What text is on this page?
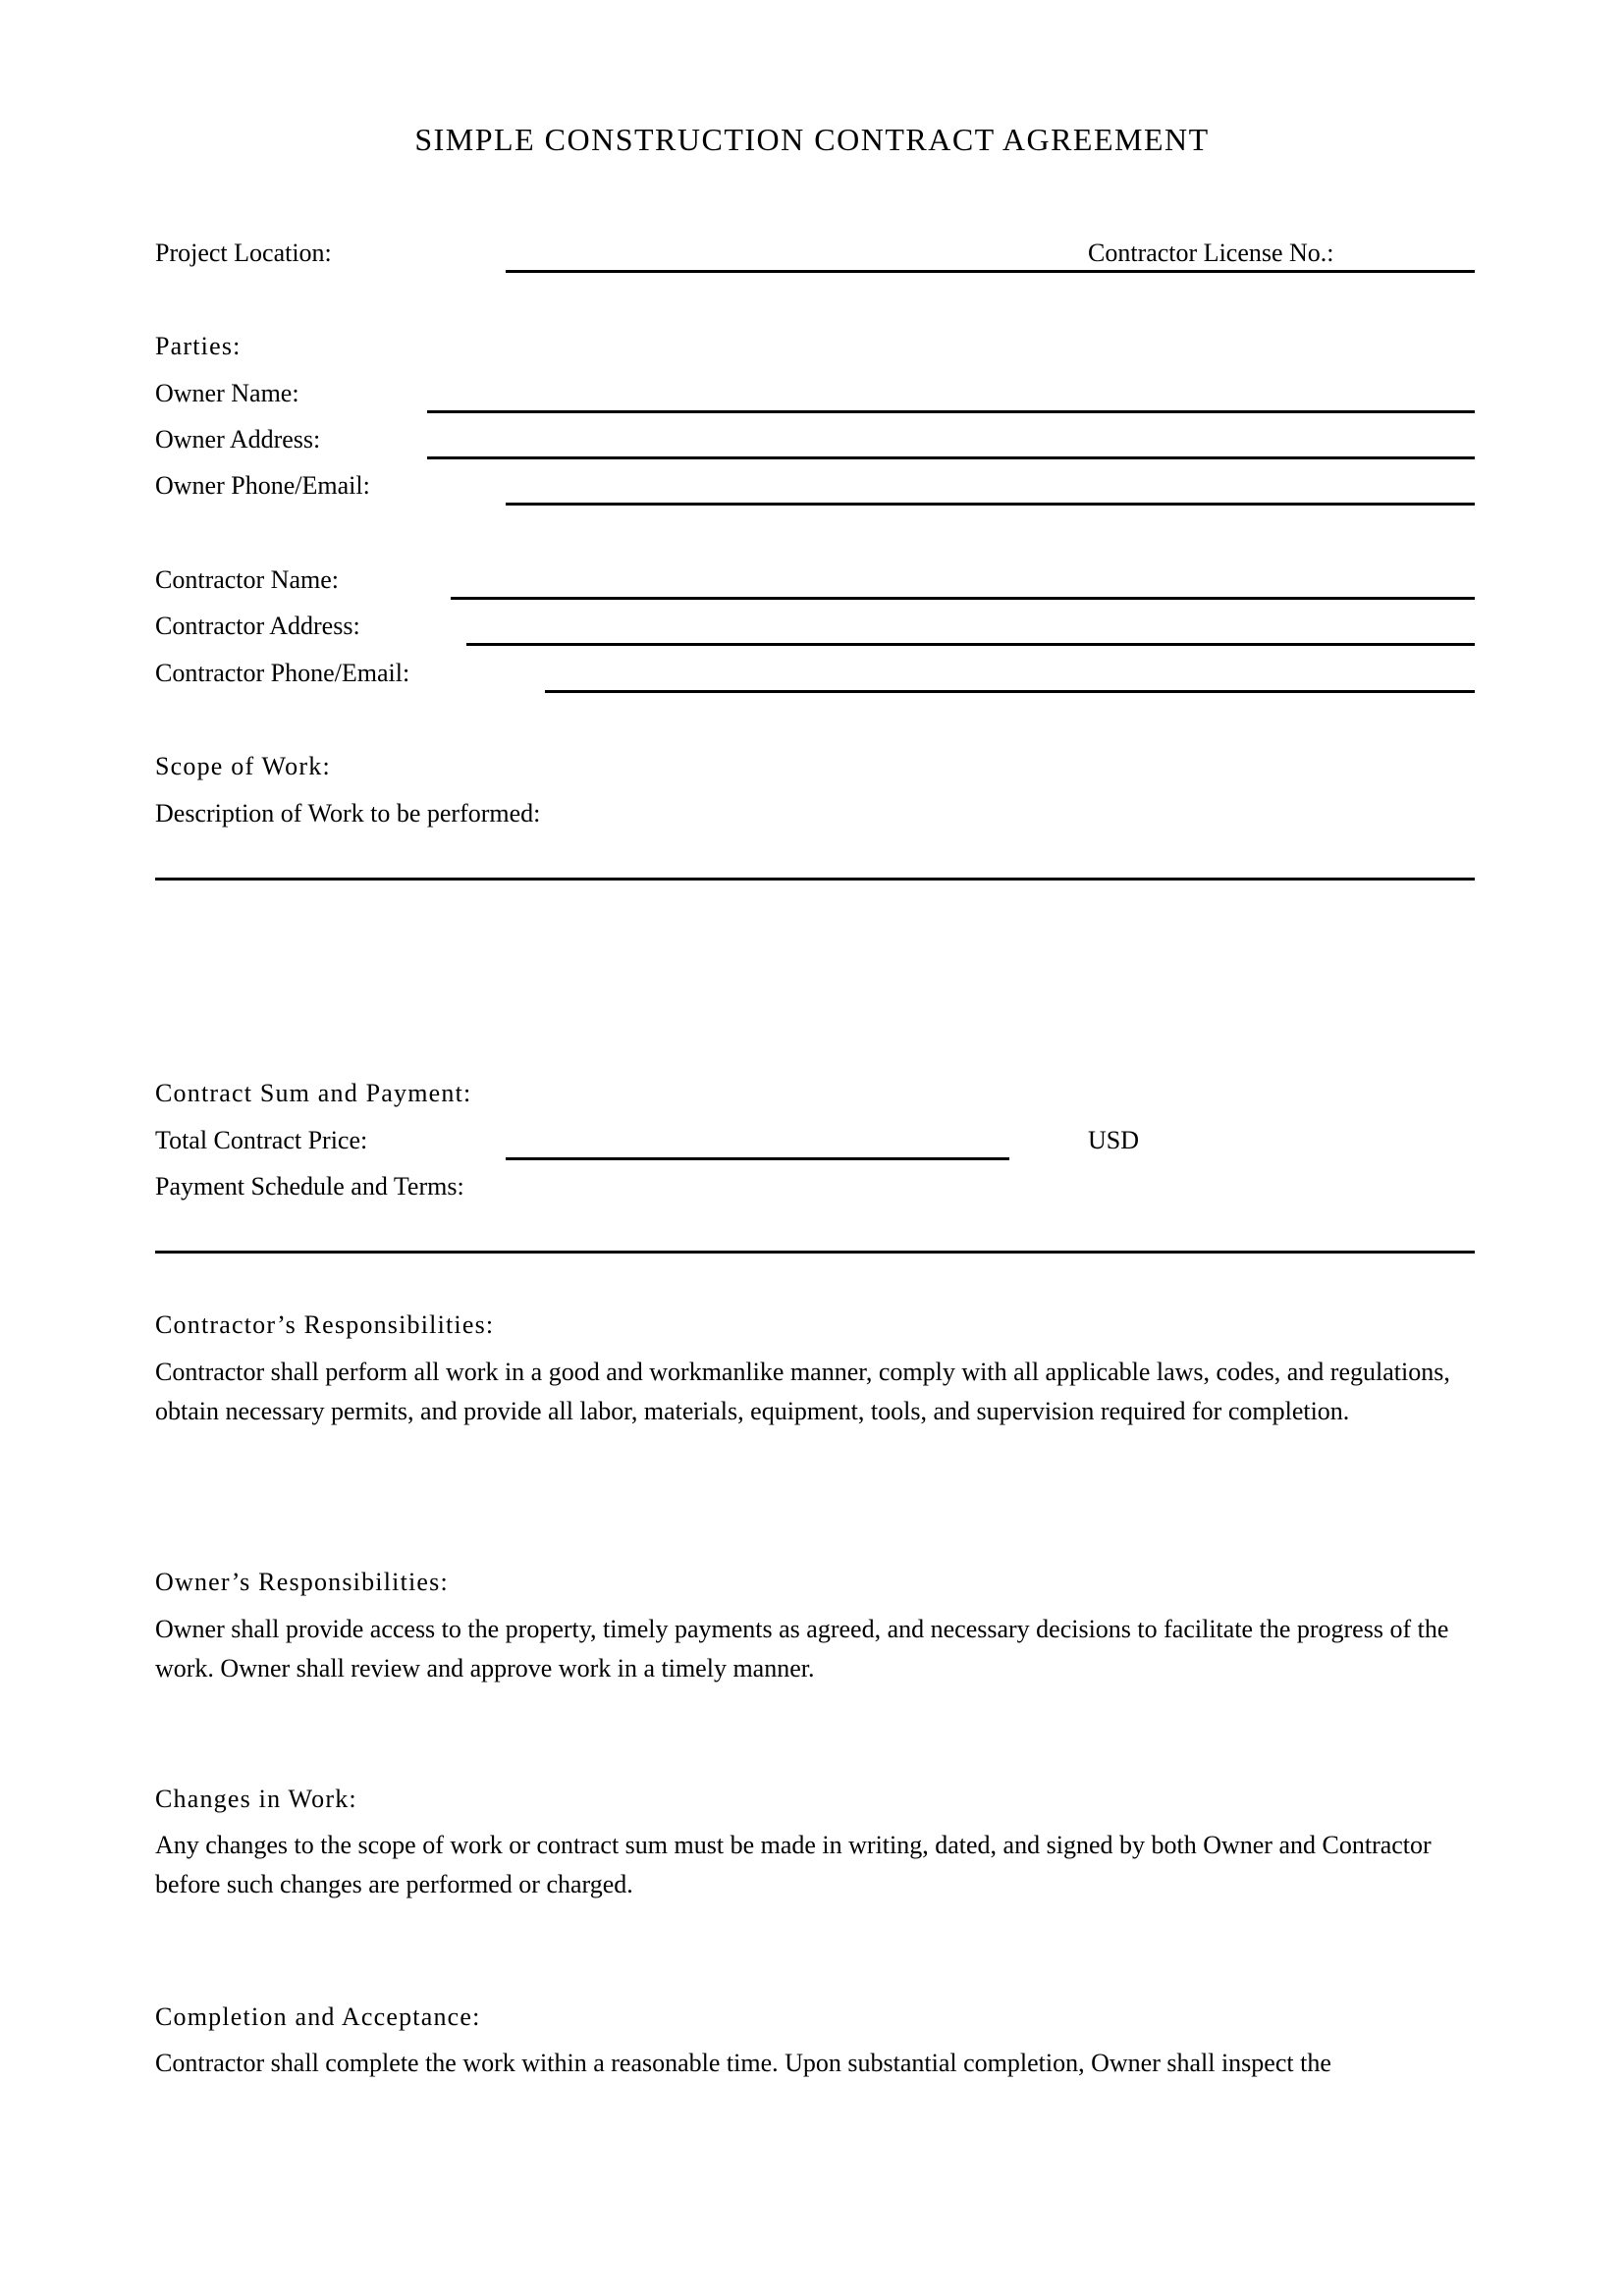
SIMPLE CONSTRUCTION CONTRACT AGREEMENT
Project Location:	Contractor License No.:
Parties:
Owner Name:
Owner Address:
Owner Phone/Email:
Contractor Name:
Contractor Address:
Contractor Phone/Email:
Scope of Work:
Description of Work to be performed:
Contract Sum and Payment:
Total Contract Price:	USD
Payment Schedule and Terms:
Contractor’s Responsibilities:
Contractor shall perform all work in a good and workmanlike manner, comply with all applicable laws, codes, and regulations, obtain necessary permits, and provide all labor, materials, equipment, tools, and supervision required for completion.
Owner’s Responsibilities:
Owner shall provide access to the property, timely payments as agreed, and necessary decisions to facilitate the progress of the work. Owner shall review and approve work in a timely manner.
Changes in Work:
Any changes to the scope of work or contract sum must be made in writing, dated, and signed by both Owner and Contractor before such changes are performed or charged.
Completion and Acceptance:
Contractor shall complete the work within a reasonable time. Upon substantial completion, Owner shall inspect the
